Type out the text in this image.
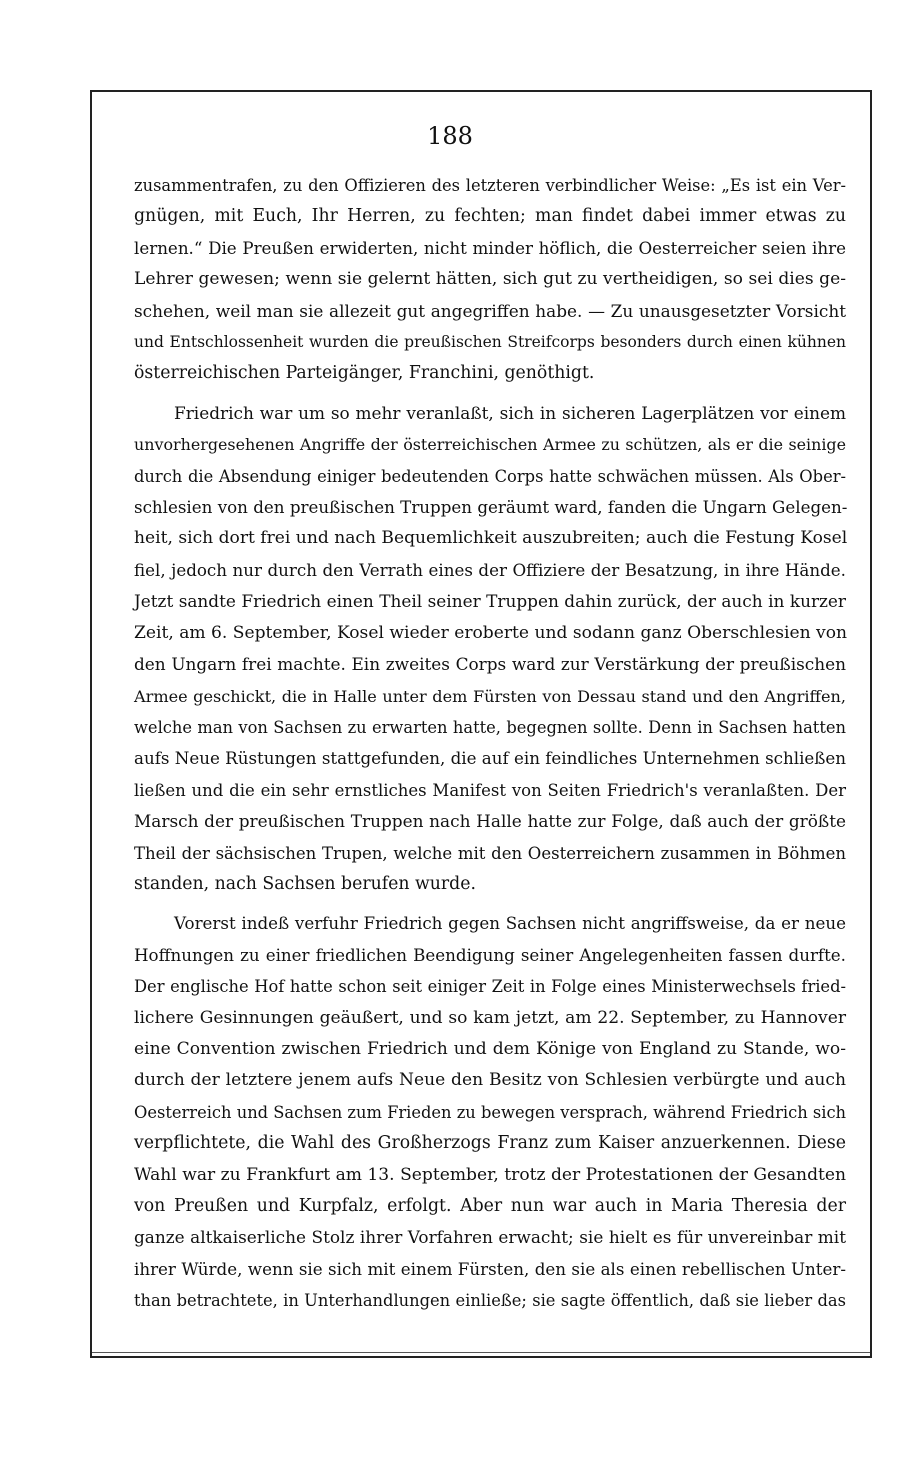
188
zusammentrafen, zu den Offizieren des letzteren verbindlicher Weise: „Es ist ein Ver-
gnügen, mit Euch, Ihr Herren, zu fechten; man findet dabei immer etwas zu
lernen.“ Die Preußen erwiderten, nicht minder höflich, die Oesterreicher seien ihre
Lehrer gewesen; wenn sie gelernt hätten, sich gut zu vertheidigen, so sei dies ge-
schehen, weil man sie allezeit gut angegriffen habe. — Zu unausgesetzter Vorsicht
und Entschlossenheit wurden die preußischen Streifcorps besonders durch einen kühnen
österreichischen Parteigänger, Franchini, genöthigt.
Friedrich war um so mehr veranlaßt, sich in sicheren Lagerplätzen vor einem
unvorhergesehenen Angriffe der österreichischen Armee zu schützen, als er die seinige
durch die Absendung einiger bedeutenden Corps hatte schwächen müssen. Als Ober-
schlesien von den preußischen Truppen geräumt ward, fanden die Ungarn Gelegen-
heit, sich dort frei und nach Bequemlichkeit auszubreiten; auch die Festung Kosel
fiel, jedoch nur durch den Verrath eines der Offiziere der Besatzung, in ihre Hände.
Jetzt sandte Friedrich einen Theil seiner Truppen dahin zurück, der auch in kurzer
Zeit, am 6. September, Kosel wieder eroberte und sodann ganz Oberschlesien von
den Ungarn frei machte. Ein zweites Corps ward zur Verstärkung der preußischen
Armee geschickt, die in Halle unter dem Fürsten von Dessau stand und den Angriffen,
welche man von Sachsen zu erwarten hatte, begegnen sollte. Denn in Sachsen hatten
aufs Neue Rüstungen stattgefunden, die auf ein feindliches Unternehmen schließen
ließen und die ein sehr ernstliches Manifest von Seiten Friedrich's veranlaßten. Der
Marsch der preußischen Truppen nach Halle hatte zur Folge, daß auch der größte
Theil der sächsischen Trupen, welche mit den Oesterreichern zusammen in Böhmen
standen, nach Sachsen berufen wurde.
Vorerst indeß verfuhr Friedrich gegen Sachsen nicht angriffsweise, da er neue
Hoffnungen zu einer friedlichen Beendigung seiner Angelegenheiten fassen durfte.
Der englische Hof hatte schon seit einiger Zeit in Folge eines Ministerwechsels fried-
lichere Gesinnungen geäußert, und so kam jetzt, am 22. September, zu Hannover
eine Convention zwischen Friedrich und dem Könige von England zu Stande, wo-
durch der letztere jenem aufs Neue den Besitz von Schlesien verbürgte und auch
Oesterreich und Sachsen zum Frieden zu bewegen versprach, während Friedrich sich
verpflichtete, die Wahl des Großherzogs Franz zum Kaiser anzuerkennen. Diese
Wahl war zu Frankfurt am 13. September, trotz der Protestationen der Gesandten
von Preußen und Kurpfalz, erfolgt. Aber nun war auch in Maria Theresia der
ganze altkaiserliche Stolz ihrer Vorfahren erwacht; sie hielt es für unvereinbar mit
ihrer Würde, wenn sie sich mit einem Fürsten, den sie als einen rebellischen Unter-
than betrachtete, in Unterhandlungen einließe; sie sagte öffentlich, daß sie lieber das
